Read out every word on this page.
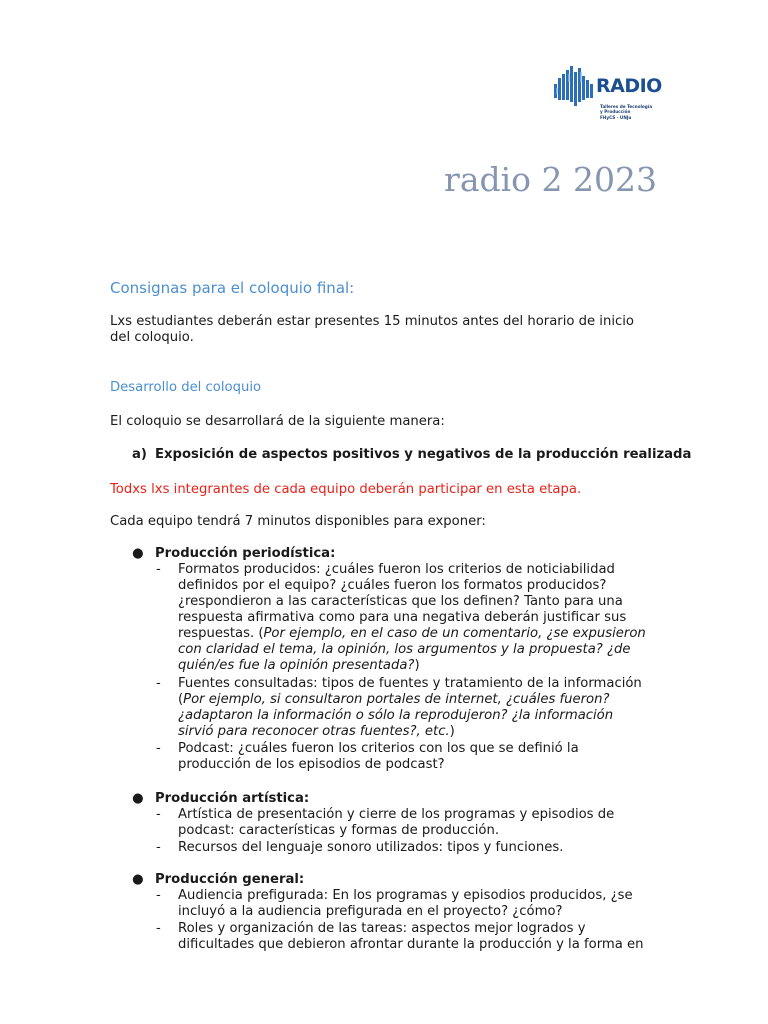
RADIO
Talleres de Tecnología y Producción
FHyCS - UNJu
radio 2 2023
Consignas para el coloquio final:
Lxs estudiantes deberán estar presentes 15 minutos antes del horario de inicio
del coloquio.
Desarrollo del coloquio
El coloquio se desarrollará de la siguiente manera:
a) Exposición de aspectos positivos y negativos de la producción realizada
Todxs lxs integrantes de cada equipo deberán participar en esta etapa.
Cada equipo tendrá 7 minutos disponibles para exponer:
● Producción periodística:
- Formatos producidos: ¿cuáles fueron los criterios de noticiabilidad
definidos por el equipo? ¿cuáles fueron los formatos producidos?
¿respondieron a las características que los definen? Tanto para una
respuesta afirmativa como para una negativa deberán justificar sus
respuestas. (Por ejemplo, en el caso de un comentario, ¿se expusieron
con claridad el tema, la opinión, los argumentos y la propuesta? ¿de
quién/es fue la opinión presentada?)
- Fuentes consultadas: tipos de fuentes y tratamiento de la información
(Por ejemplo, si consultaron portales de internet, ¿cuáles fueron?
¿adaptaron la información o sólo la reprodujeron? ¿la información
sirvió para reconocer otras fuentes?, etc.)
- Podcast: ¿cuáles fueron los criterios con los que se definió la
producción de los episodios de podcast?
● Producción artística:
- Artística de presentación y cierre de los programas y episodios de
podcast: características y formas de producción.
- Recursos del lenguaje sonoro utilizados: tipos y funciones.
● Producción general:
- Audiencia prefigurada: En los programas y episodios producidos, ¿se
incluyó a la audiencia prefigurada en el proyecto? ¿cómo?
- Roles y organización de las tareas: aspectos mejor logrados y
dificultades que debieron afrontar durante la producción y la forma en
